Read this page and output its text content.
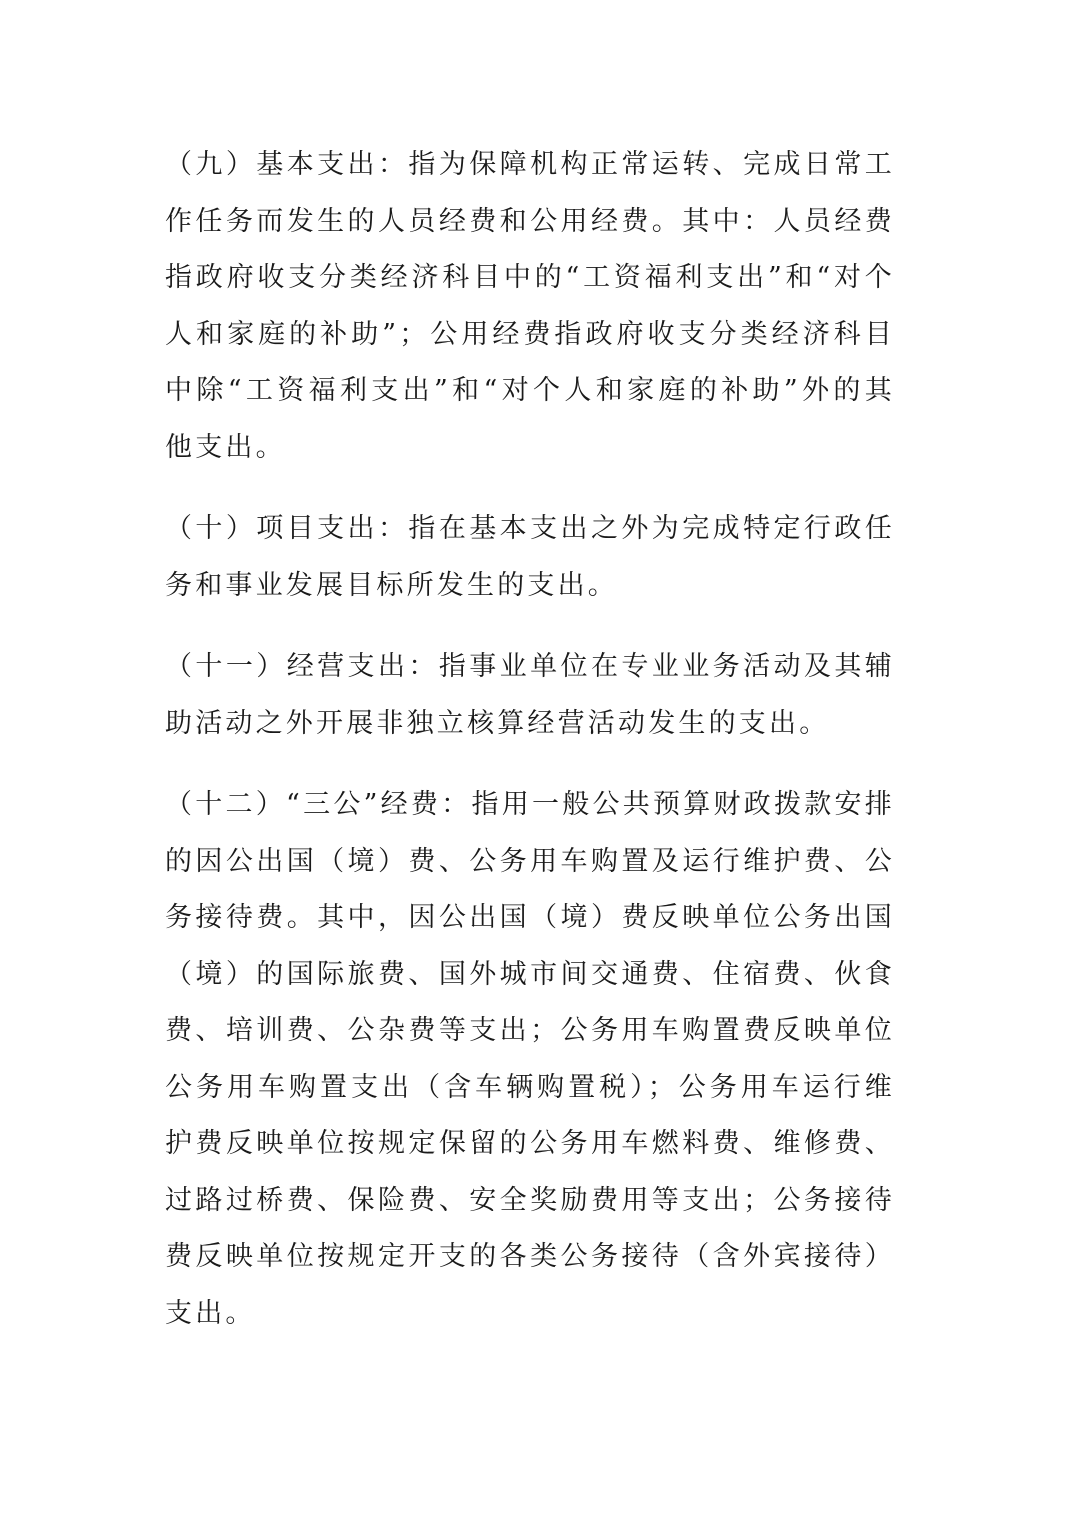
（九）基本支出：指为保障机构正常运转、完成日常工作任务而发生的人员经费和公用经费。其中：人员经费指政府收支分类经济科目中的“工资福利支出”和“对个人和家庭的补助”；公用经费指政府收支分类经济科目中除“工资福利支出”和“对个人和家庭的补助”外的其他支出。

（十）项目支出：指在基本支出之外为完成特定行政任务和事业发展目标所发生的支出。

（十一）经营支出：指事业单位在专业业务活动及其辅助活动之外开展非独立核算经营活动发生的支出。

（十二）“三公”经费：指用一般公共预算财政拨款安排的因公出国（境）费、公务用车购置及运行维护费、公务接待费。其中，因公出国（境）费反映单位公务出国（境）的国际旅费、国外城市间交通费、住宿费、伙食费、培训费、公杂费等支出；公务用车购置费反映单位公务用车购置支出（含车辆购置税）；公务用车运行维护费反映单位按规定保留的公务用车燃料费、维修费、过路过桥费、保险费、安全奖励费用等支出；公务接待费反映单位按规定开支的各类公务接待（含外宾接待）支出。
